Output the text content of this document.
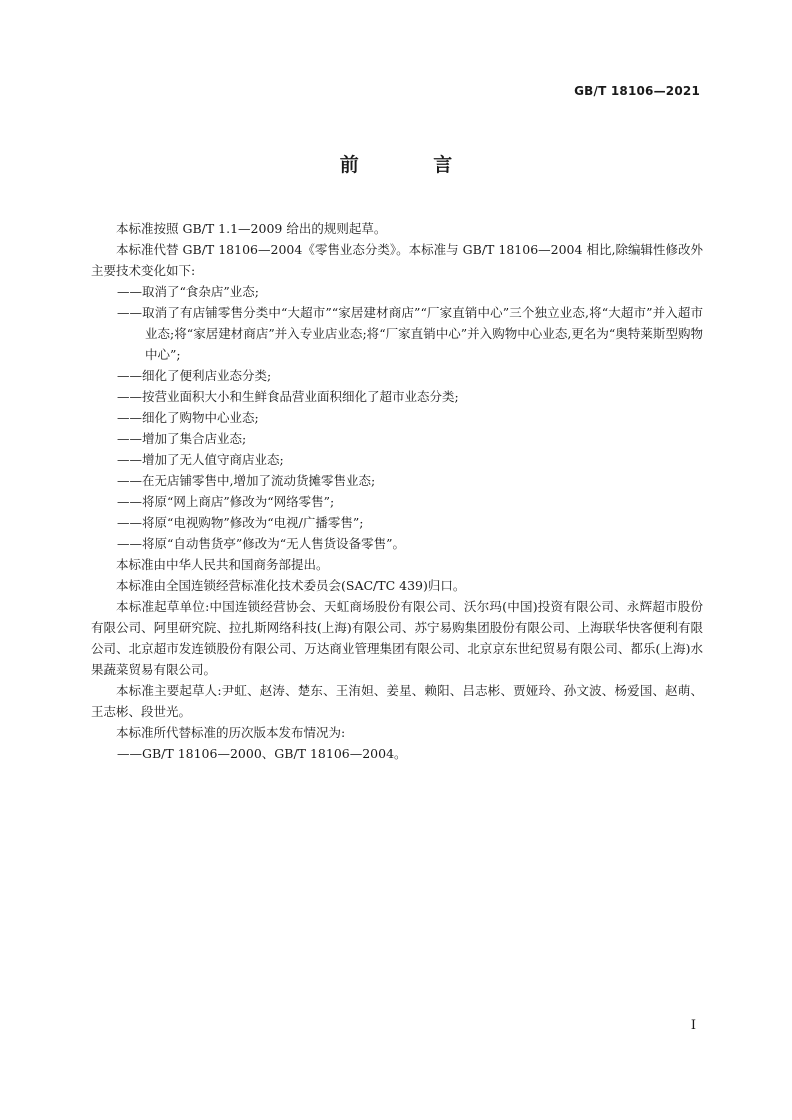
GB/T 18106—2021
前 言

本标准按照 GB/T 1.1—2009 给出的规则起草。

本标准代替 GB/T 18106—2004《零售业态分类》。本标准与 GB/T 18106—2004 相比,除编辑性修改外主要技术变化如下:

——取消了“食杂店”业态;

——取消了有店铺零售分类中“大超市”“家居建材商店”“厂家直销中心”三个独立业态,将“大超市”并入超市业态;将“家居建材商店”并入专业店业态;将“厂家直销中心”并入购物中心业态,更名为“奥特莱斯型购物中心”;

——细化了便利店业态分类;

——按营业面积大小和生鲜食品营业面积细化了超市业态分类;

——细化了购物中心业态;

——增加了集合店业态;

——增加了无人值守商店业态;

——在无店铺零售中,增加了流动货摊零售业态;

——将原“网上商店”修改为“网络零售”;

——将原“电视购物”修改为“电视/广播零售”;

——将原“自动售货亭”修改为“无人售货设备零售”。

本标准由中华人民共和国商务部提出。

本标准由全国连锁经营标准化技术委员会(SAC/TC 439)归口。

本标准起草单位:中国连锁经营协会、天虹商场股份有限公司、沃尔玛(中国)投资有限公司、永辉超市股份有限公司、阿里研究院、拉扎斯网络科技(上海)有限公司、苏宁易购集团股份有限公司、上海联华快客便利有限公司、北京超市发连锁股份有限公司、万达商业管理集团有限公司、北京京东世纪贸易有限公司、都乐(上海)水果蔬菜贸易有限公司。

本标准主要起草人:尹虹、赵涛、楚东、王洧妲、姜星、赖阳、吕志彬、贾娅玲、孙文波、杨爱国、赵萌、王志彬、段世光。

本标准所代替标准的历次版本发布情况为:

——GB/T 18106—2000、GB/T 18106—2004。

I
